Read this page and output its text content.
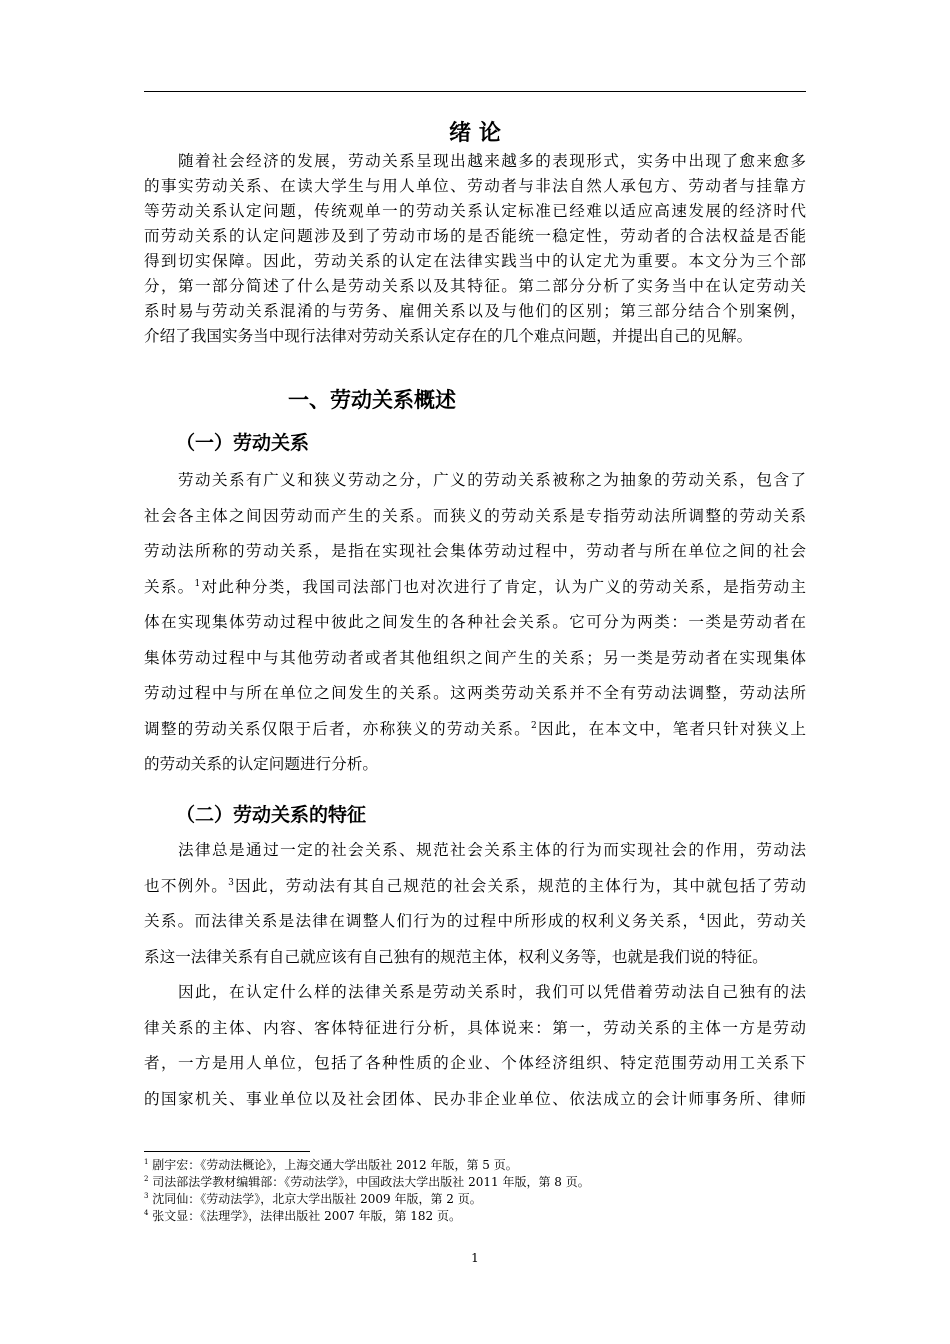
绪 论
　　随着社会经济的发展，劳动关系呈现出越来越多的表现形式，实务中出现了愈来愈多
的事实劳动关系、在读大学生与用人单位、劳动者与非法自然人承包方、劳动者与挂靠方
等劳动关系认定问题，传统观单一的劳动关系认定标准已经难以适应高速发展的经济时代
而劳动关系的认定问题涉及到了劳动市场的是否能统一稳定性，劳动者的合法权益是否能
得到切实保障。因此，劳动关系的认定在法律实践当中的认定尤为重要。本文分为三个部
分，第一部分简述了什么是劳动关系以及其特征。第二部分分析了实务当中在认定劳动关
系时易与劳动关系混淆的与劳务、雇佣关系以及与他们的区别；第三部分结合个别案例，
介绍了我国实务当中现行法律对劳动关系认定存在的几个难点问题，并提出自己的见解。
一、劳动关系概述
（一）劳动关系
　　劳动关系有广义和狭义劳动之分，广义的劳动关系被称之为抽象的劳动关系，包含了
社会各主体之间因劳动而产生的关系。而狭义的劳动关系是专指劳动法所调整的劳动关系
劳动法所称的劳动关系，是指在实现社会集体劳动过程中，劳动者与所在单位之间的社会
关系。$^1$对此种分类，我国司法部门也对次进行了肯定，认为广义的劳动关系，是指劳动主
体在实现集体劳动过程中彼此之间发生的各种社会关系。它可分为两类：一类是劳动者在
集体劳动过程中与其他劳动者或者其他组织之间产生的关系；另一类是劳动者在实现集体
劳动过程中与所在单位之间发生的关系。这两类劳动关系并不全有劳动法调整，劳动法所
调整的劳动关系仅限于后者，亦称狭义的劳动关系。$^2$因此，在本文中，笔者只针对狭义上
的劳动关系的认定问题进行分析。
（二）劳动关系的特征
　　法律总是通过一定的社会关系、规范社会关系主体的行为而实现社会的作用，劳动法
也不例外。$^3$因此，劳动法有其自己规范的社会关系，规范的主体行为，其中就包括了劳动
关系。而法律关系是法律在调整人们行为的过程中所形成的权利义务关系，$^4$因此，劳动关
系这一法律关系有自己就应该有自己独有的规范主体，权利义务等，也就是我们说的特征。
　　因此，在认定什么样的法律关系是劳动关系时，我们可以凭借着劳动法自己独有的法
律关系的主体、内容、客体特征进行分析，具体说来：第一，劳动关系的主体一方是劳动
者，一方是用人单位，包括了各种性质的企业、个体经济组织、特定范围劳动用工关系下
的国家机关、事业单位以及社会团体、民办非企业单位、依法成立的会计师事务所、律师
$^1$ 剧宇宏：《劳动法概论》，上海交通大学出版社 2012 年版，第 5 页。
$^2$ 司法部法学教材编辑部：《劳动法学》，中国政法大学出版社 2011 年版，第 8 页。
$^3$ 沈同仙：《劳动法学》，北京大学出版社 2009 年版，第 2 页。
$^4$ 张文显：《法理学》，法律出版社 2007 年版，第 182 页。
1
